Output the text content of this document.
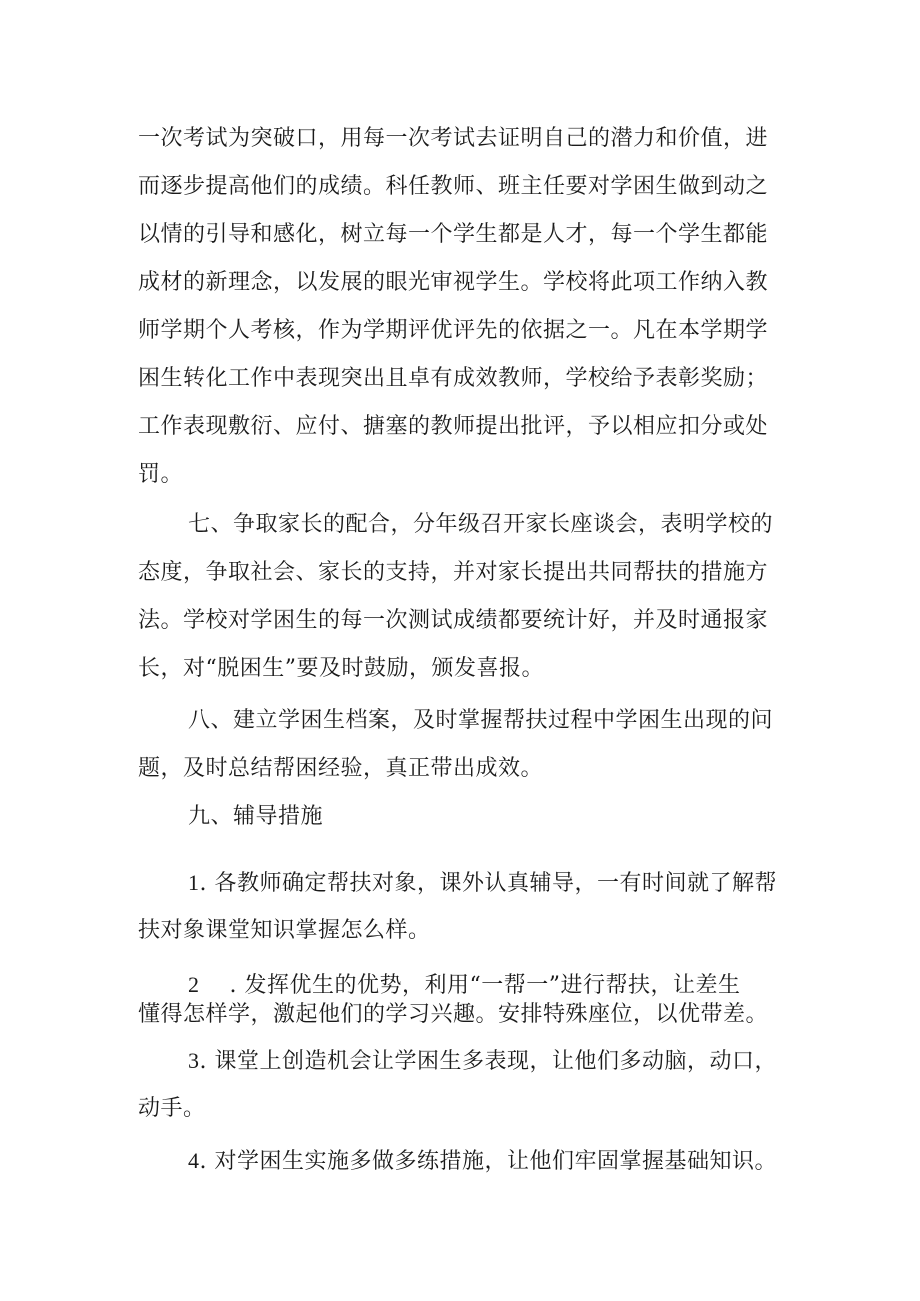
一次考试为突破口，用每一次考试去证明自己的潜力和价值，进
而逐步提高他们的成绩。科任教师、班主任要对学困生做到动之
以情的引导和感化，树立每一个学生都是人才，每一个学生都能
成材的新理念，以发展的眼光审视学生。学校将此项工作纳入教
师学期个人考核，作为学期评优评先的依据之一。凡在本学期学
困生转化工作中表现突出且卓有成效教师，学校给予表彰奖励；
工作表现敷衍、应付、搪塞的教师提出批评，予以相应扣分或处
罚。
七、争取家长的配合，分年级召开家长座谈会，表明学校的
态度，争取社会、家长的支持，并对家长提出共同帮扶的措施方
法。学校对学困生的每一次测试成绩都要统计好，并及时通报家
长，对“脱困生”要及时鼓励，颁发喜报。
八、建立学困生档案，及时掌握帮扶过程中学困生出现的问
题，及时总结帮困经验，真正带出成效。
九、辅导措施
1. 各教师确定帮扶对象，课外认真辅导，一有时间就了解帮
扶对象课堂知识掌握怎么样。
2 . 发挥优生的优势，利用“一帮一”进行帮扶，让差生
懂得怎样学，激起他们的学习兴趣。安排特殊座位，以优带差。
3. 课堂上创造机会让学困生多表现，让他们多动脑，动口，
动手。
4. 对学困生实施多做多练措施，让他们牢固掌握基础知识。
